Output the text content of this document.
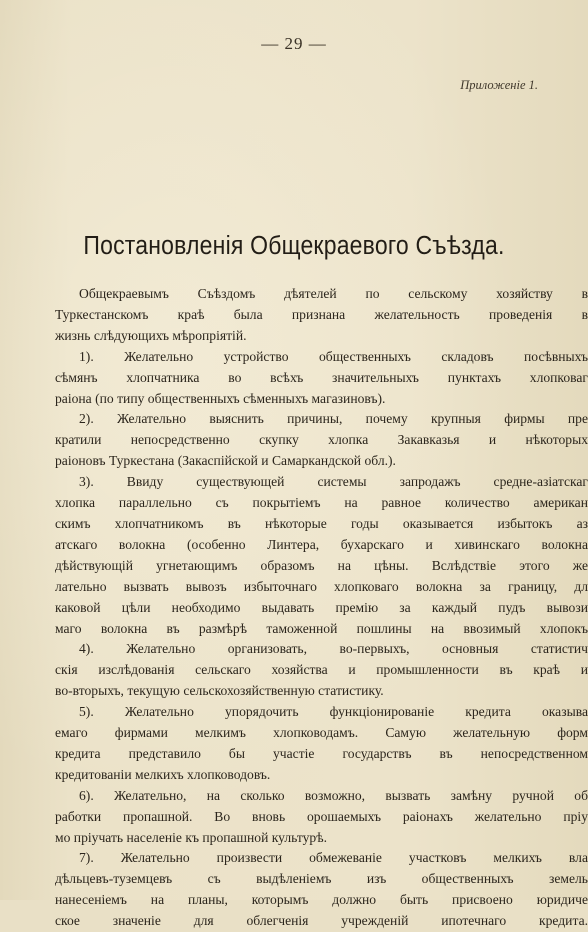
— 29 —
Приложеніе 1.
Постановленія Общекраевого Съѣзда.
Общекраевымъ Съѣздомъ дѣятелей по сельскому хозяйству в
Туркестанскомъ краѣ была признана желательность проведенія в
жизнь слѣдующихъ мѣропріятій.
1). Желательно устройство общественныхъ складовъ посѣвныхъ
сѣмянъ хлопчатника во всѣхъ значительныхъ пунктахъ хлопковаг
раіона (по типу общественныхъ сѣменныхъ магазиновъ).
2). Желательно выяснить причины, почему крупныя фирмы пре
кратили непосредственно скупку хлопка Закавказья и нѣкоторых
раіоновъ Туркестана (Закаспійской и Самаркандской обл.).
3). Ввиду существующей системы запродажъ средне-азіатскаг
хлопка параллельно съ покрытіемъ на равное количество американ
скимъ хлопчатникомъ въ нѣкоторые годы оказывается избытокъ аз
атскаго волокна (особенно Линтера, бухарскаго и хивинскаго волокна
дѣйствующій угнетающимъ образомъ на цѣны. Вслѣдствіе этого же
лательно вызвать вывозъ избыточнаго хлопковаго волокна за границу, дл
каковой цѣли необходимо выдавать премію за каждый пудъ вывози
маго волокна въ размѣрѣ таможенной пошлины на ввозимый хлопокъ
4). Желательно организовать, во-первыхъ, основныя статистич
скія изслѣдованія сельскаго хозяйства и промышленности въ краѣ и
во-вторыхъ, текущую сельскохозяйственную статистику.
5). Желательно упорядочить функціонированіе кредита оказыва
емаго фирмами мелкимъ хлопководамъ. Самую желательную форм
кредита представило бы участіе государствъ въ непосредственном
кредитованіи мелкихъ хлопководовъ.
6). Желательно, на сколько возможно, вызвать замѣну ручной об
работки пропашной. Во вновь орошаемыхъ раіонахъ желательно пріу
мо пріучать населеніе къ пропашной культурѣ.
7). Желательно произвести обмежеваніе участковъ мелкихъ вла
дѣльцевъ-туземцевъ съ выдѣленіемъ изъ общественныхъ земель
нанесеніемъ на планы, которымъ должно быть присвоено юридиче
ское значеніе для облегченія учрежденій ипотечнаго кредита.
